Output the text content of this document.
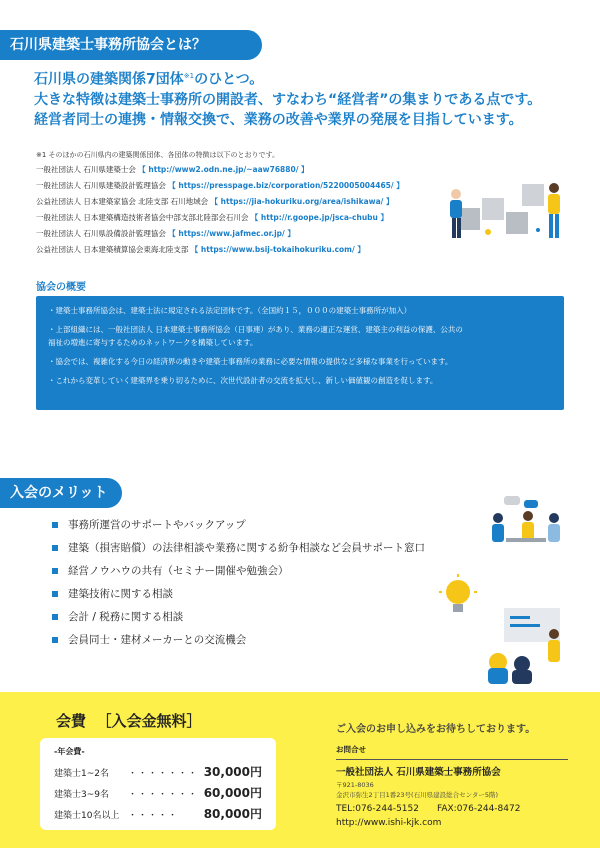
石川県建築士事務所協会とは？
石川県の建築関係7団体$^{※1}$のひとつ。
大きな特徴は建築士事務所の開設者、すなわち“経営者”の集まりである点です。
経営者同士の連携・情報交換で、業務の改善や業界の発展を目指しています。
※1 そのほかの石川県内の建築関係団体、各団体の特徴は以下のとおりです。
一般社団法人 石川県建築士会 【 http://www2.odn.ne.jp/~aaw76880/ 】
一般社団法人 石川県建築設計監理協会 【 https://presspage.biz/corporation/5220005004465/ 】
公益社団法人 日本建築家協会 北陸支部 石川地域会 【 https://jia-hokuriku.org/area/ishikawa/ 】
一般社団法人 日本建築構造技術者協会中部支部北陸部会石川会 【 http://r.goope.jp/jsca-chubu 】
一般社団法人 石川県設備設計監理協会 【 https://www.jafmec.or.jp/ 】
公益社団法人 日本建築積算協会東海北陸支部 【 https://www.bsij-tokaihokuriku.com/ 】
協会の概要

・建築士事務所協会は、建築士法に規定される法定団体です。（全国約１５，０００の建築士事務所が加入）

・上部組織には、一般社団法人 日本建築士事務所協会（日事連）があり、業務の適正な運営、建築主の利益の保護、公共の
福祉の増進に寄与するためのネットワークを構築しています。

・協会では、複雑化する今日の経済界の動きや建築士事務所の業務に必要な情報の提供など多様な事業を行っています。

・これから変革していく建築界を乗り切るために、次世代設計者の交流を拡大し、新しい価値観の創造を促します。

入会のメリット
事務所運営のサポートやバックアップ
建築（損害賠償）の法律相談や業務に関する紛争相談など会員サポート窓口
経営ノウハウの共有（セミナー開催や勉強会）
建築技術に関する相談
会計 / 税務に関する相談
会員同士・建材メーカーとの交流機会
会費 ［入会金無料］
-年会費-
建築士1~2名	・・・・・・・ 30,000円
建築士3~9名	・・・・・・・ 60,000円
建築士10名以上 ・・・・・	80,000円
ご入会のお申し込みをお待ちしております。
お問合せ
一般社団法人 石川県建築士事務所協会
〒921-8036
金沢市弥生2丁目1番23号(石川県建設総合センター5階)
TEL:076-244-5152 FAX:076-244-8472
http://www.ishi-kjk.com
